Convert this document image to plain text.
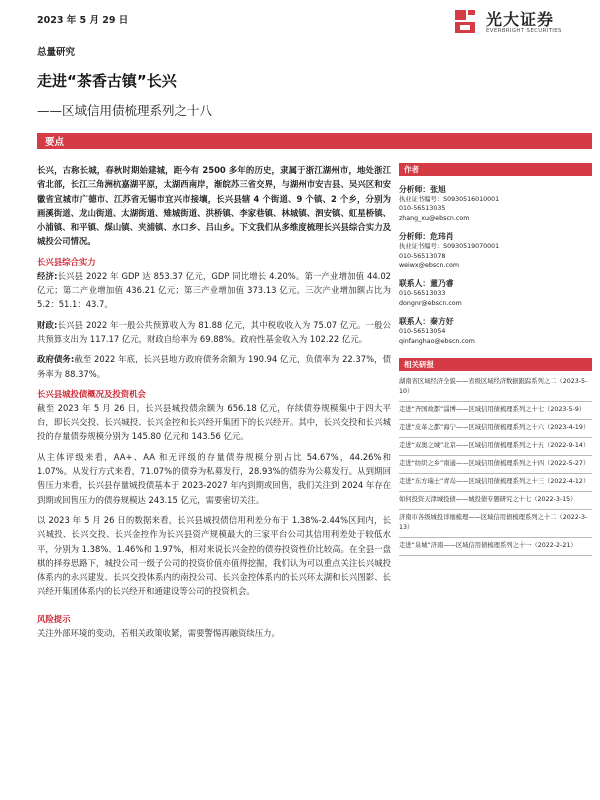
2023 年 5 月 29 日	光大证券
EVERBRIGHT SECURITIES
总量研究
走进“茶香古镇”长兴
——区域信用债梳理系列之十八
要点

长兴，古称长城，春秋时期始建城，距今有 2500 多年的历史，隶属于浙江湖州市，地处浙江省北部，长江三角洲杭嘉湖平原，太湖西南岸，渐皖苏三省交界，与湖州市安吉县、吴兴区和安徽省宣城市广德市、江苏省无锡市宜兴市接壤，长兴县辖 4 个街道、9 个镇、2 个乡，分别为画溪街道、龙山街道、太湖街道、雉城街道、洪桥镇、李家巷镇、林城镇、泗安镇、虹星桥镇、小浦镇、和平镇、煤山镇、夹浦镇、水口乡、吕山乡。下文我们从多维度梳理长兴县综合实力及城投公司情况。

长兴县综合实力

经济:长兴县 2022 年 GDP 达 853.37 亿元，GDP 同比增长 4.20%。第一产业增加值 44.02 亿元；第二产业增加值 436.21 亿元；第三产业增加值 373.13 亿元。三次产业增加额占比为 5.2：51.1：43.7。

财政:长兴县 2022 年一般公共预算收入为 81.88 亿元，其中税收收入为 75.07 亿元。一般公共预算支出为 117.17 亿元，财政自给率为 69.88%。政府性基金收入为 102.22 亿元。

政府债务:截至 2022 年底，长兴县地方政府债务余额为 190.94 亿元，负债率为 22.37%，债务率为 88.37%。

长兴县城投债概况及投资机会

截至 2023 年 5 月 26 日，长兴县城投债余额为 656.18 亿元，存续债券规模集中于四大平台，即长兴交投、长兴城投、长兴金控和长兴经开集团下的长兴经开。其中，长兴交投和长兴城投的存量债券规模分别为 145.80 亿元和 143.56 亿元。

从主体评级来看，AA+、AA 和无评级的存量债券规模分别占比 54.67%，44.26%和 1.07%。从发行方式来看，71.07%的债券为私募发行，28.93%的债券为公募发行。从到期回售压力来看，长兴县存量城投债基本于 2023-2027 年内到期或回售，我们关注到 2024 年存在到期或回售压力的债券规模达 243.15 亿元，需要密切关注。

以 2023 年 5 月 26 日的数据来看，长兴县城投债信用利差分布于 1.38%-2.44%区间内，长兴城投、长兴交投、长兴金控作为长兴县资产规模最大的三家平台公司其信用利差处于较低水平，分别为 1.38%、1.46%和 1.97%，相对来说长兴金控的债券投资性价比较高。在全县一盘棋的择券思路下，城投公司一级子公司的投资价值亦值得挖掘，我们认为可以重点关注长兴城投体系内的永兴建发、长兴交投体系内的南投公司、长兴金控体系内的长兴环太湖和长兴图影、长兴经开集团体系内的长兴经开和通建设等公司的投资机会。

风险提示

关注外部环境的变动，若相关政策收紧，需要警惕再融资续压力。

作者
分析师：张旭
执业证书编号：S0930516010001
010-56513035
zhang_xu@ebscn.com
分析师：危玮肖
执业证书编号：S0930519070001
010-56513078
weiwx@ebscn.com
联系人：董乃睿
010-56513033
dongnr@ebscn.com
联系人：秦方好
010-56513054
qinfanghao@ebscn.com
相关研报
湖南省区域经济全貌——省级区域经济数据跟踪系列之二（2023-5-10）
走进“齐国故都”淄博——区域信用债梳理系列之十七（2023-5-9）
走进“皮革之都”海宁——区域信用债梳理系列之十六（2023-4-19）
走进“双奥之城”北京——区域信用债梳理系列之十五（2022-9-14）
走进“纺织之乡”南通——区域信用债梳理系列之十四（2022-5-27）
走进“东方瑞士”青岛——区域信用债梳理系列之十三（2022-4-12）
如何投资天津城投债——城投债专题研究之十七（2022-3-15）
济南市各级城投详细梳理——区域信用债梳理系列之十二（2022-3-13）
走进“泉城”济南——区域信用债梳理系列之十一（2022-2-21）
